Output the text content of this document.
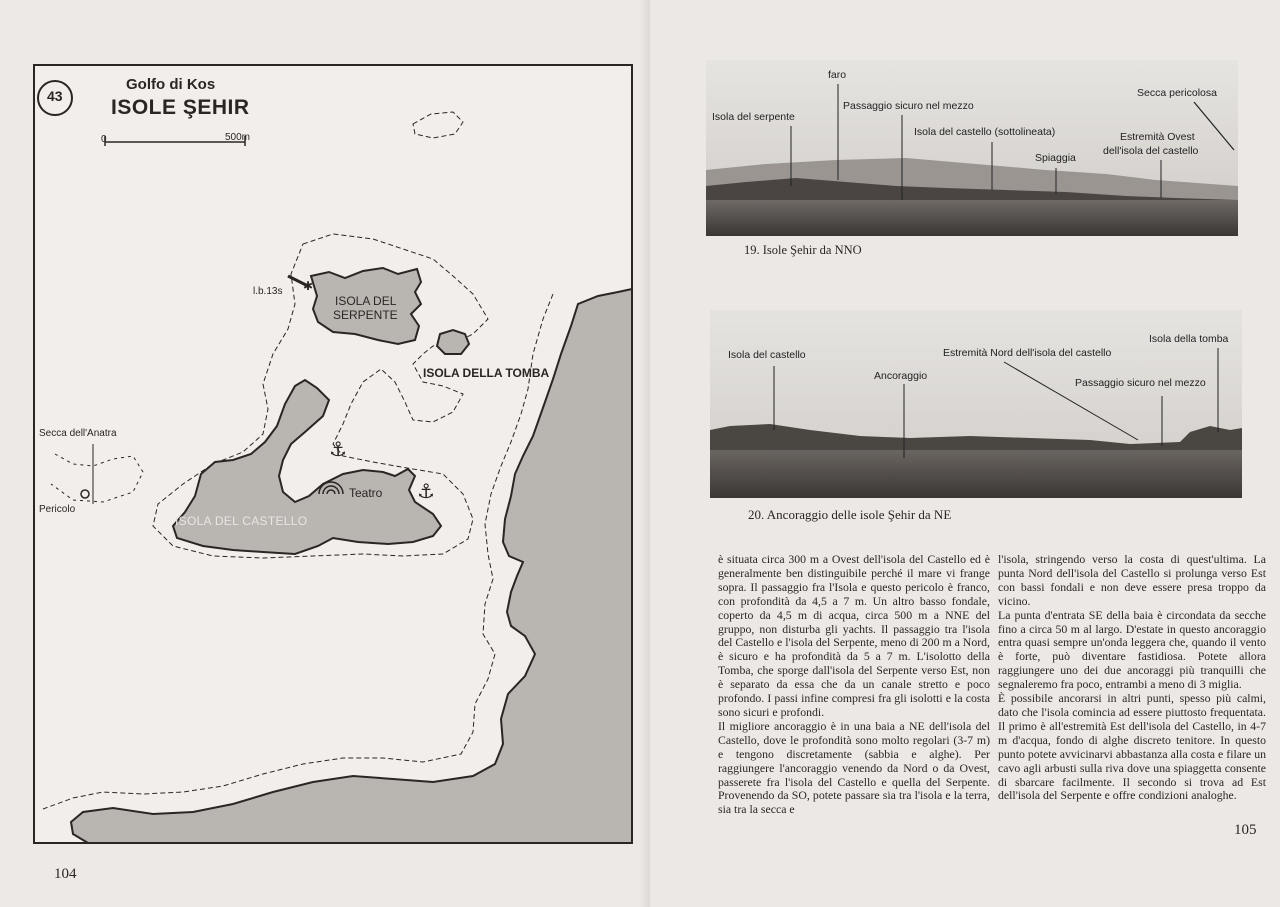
⚓
⚓
✱
43
Golfo di Kos
ISOLE ŞEHIR
0	500m
l.b.13s
ISOLA DEL
SERPENTE
ISOLA DELLA TOMBA
Secca dell'Anatra
Pericolo
Teatro
ISOLA DEL CASTELLO
104
faro
Passaggio sicuro nel mezzo
Isola del serpente
Isola del castello (sottolineata)
Secca pericolosa
Estremità Ovest
dell'isola del castello
Spiaggia
19. Isole Şehir da NNO
Isola della tomba
Estremità Nord dell'isola del castello
Isola del castello
Ancoraggio
Passaggio sicuro nel mezzo
20. Ancoraggio delle isole Şehir da NE

è situata circa 300 m a Ovest dell'isola del Castello ed è generalmente ben distinguibile perché il mare vi frange sopra. Il passaggio fra l'Isola e questo pericolo è franco, con profondità da 4,5 a 7 m. Un altro basso fondale, coperto da 4,5 m di acqua, circa 500 m a NNE del gruppo, non disturba gli yachts. Il passaggio tra l'isola del Castello e l'isola del Serpente, meno di 200 m a Nord, è sicuro e ha profondità da 5 a 7 m. L'isolotto della Tomba, che sporge dall'isola del Serpente verso Est, non è separato da essa che da un canale stretto e poco profondo. I passi infine compresi fra gli isolotti e la costa sono sicuri e profondi.

Il migliore ancoraggio è in una baia a NE dell'isola del Castello, dove le profondità sono molto regolari (3-7 m) e tengono discretamente (sabbia e alghe). Per raggiungere l'ancoraggio venendo da Nord o da Ovest, passerete fra l'isola del Castello e quella del Serpente. Provenendo da SO, potete passare sia tra l'isola e la terra, sia tra la secca e

l'isola, stringendo verso la costa di quest'ultima. La punta Nord dell'isola del Castello si prolunga verso Est con bassi fondali e non deve essere presa troppo da vicino.

La punta d'entrata SE della baia è circondata da secche fino a circa 50 m al largo. D'estate in questo ancoraggio entra quasi sempre un'onda leggera che, quando il vento è forte, può diventare fastidiosa. Potete allora raggiungere uno dei due ancoraggi più tranquilli che segnaleremo fra poco, entrambi a meno di 3 miglia.

È possibile ancorarsi in altri punti, spesso più calmi, dato che l'isola comincia ad essere piuttosto frequentata. Il primo è all'estremità Est dell'isola del Castello, in 4-7 m d'acqua, fondo di alghe discreto tenitore. In questo punto potete avvicinarvi abbastanza alla costa e filare un cavo agli arbusti sulla riva dove una spiaggetta consente di sbarcare facilmente. Il secondo si trova ad Est dell'isola del Serpente e offre condizioni analoghe.

105
